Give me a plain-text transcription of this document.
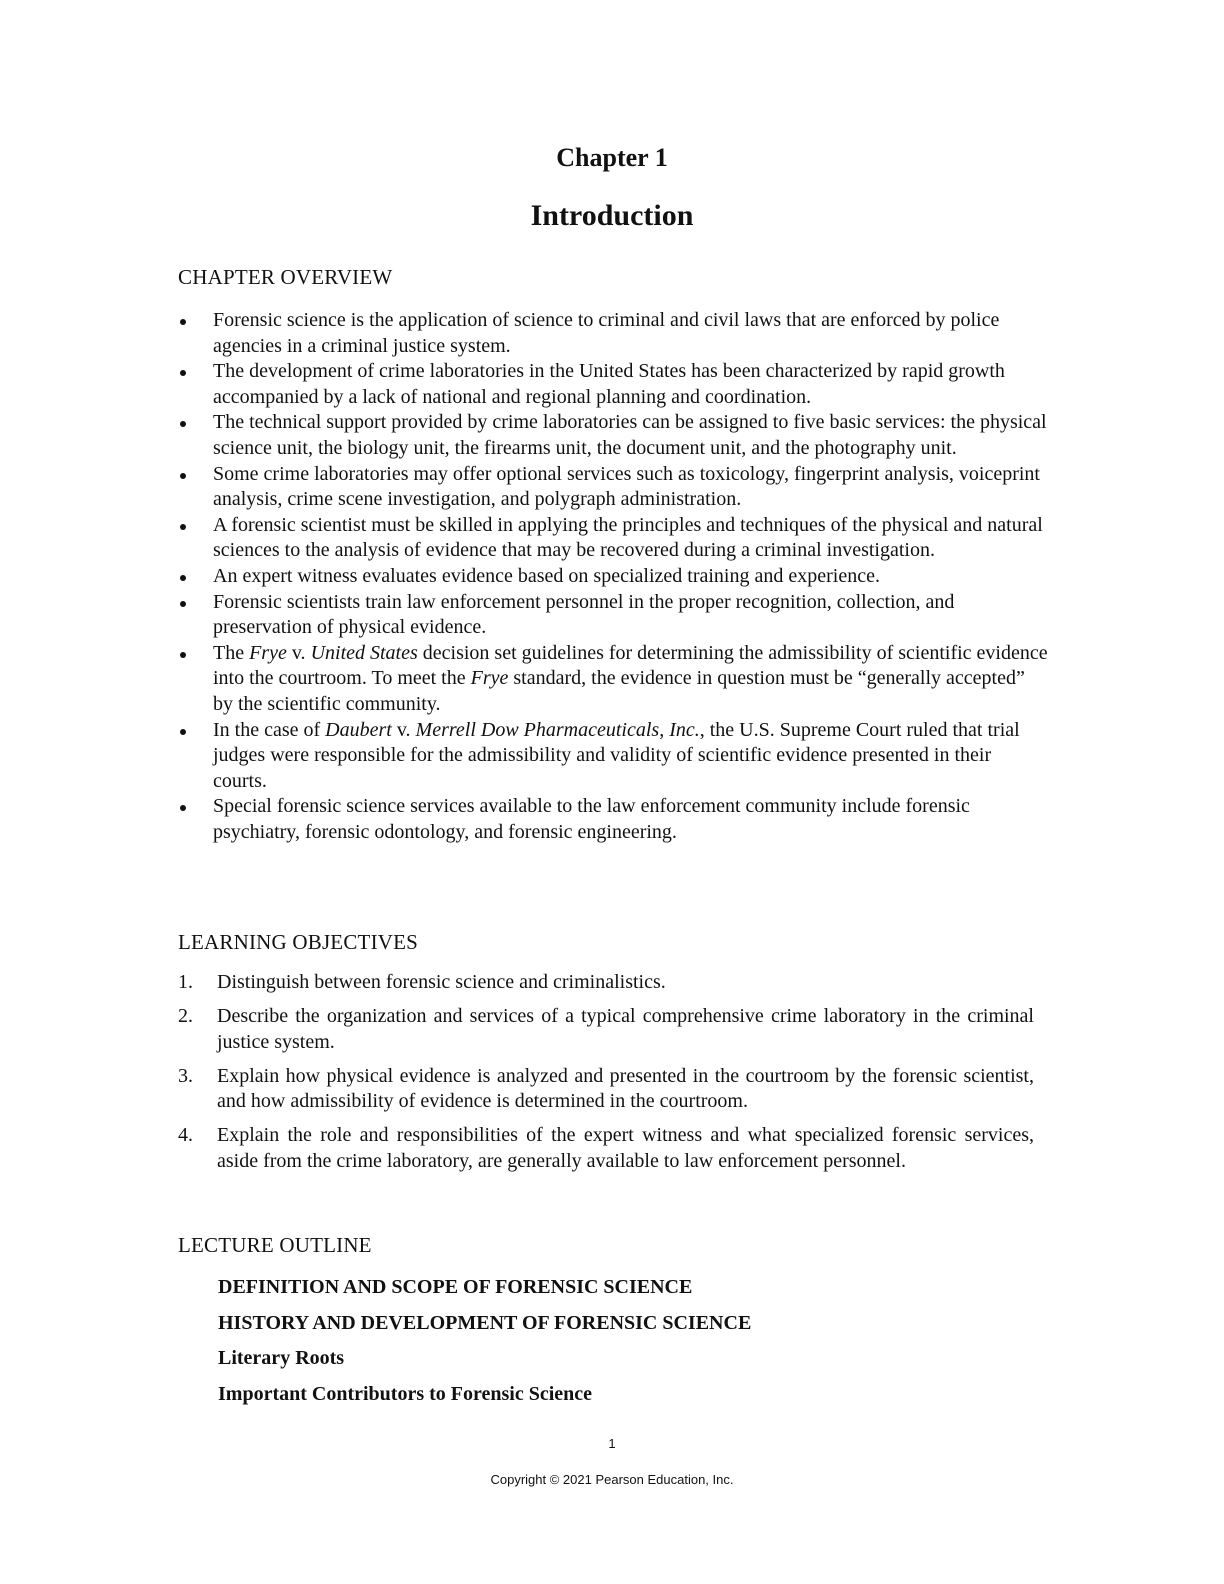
Chapter 1
Introduction
CHAPTER OVERVIEW
Forensic science is the application of science to criminal and civil laws that are enforced by police agencies in a criminal justice system.
The development of crime laboratories in the United States has been characterized by rapid growth accompanied by a lack of national and regional planning and coordination.
The technical support provided by crime laboratories can be assigned to five basic services: the physical science unit, the biology unit, the firearms unit, the document unit, and the photography unit.
Some crime laboratories may offer optional services such as toxicology, fingerprint analysis, voiceprint analysis, crime scene investigation, and polygraph administration.
A forensic scientist must be skilled in applying the principles and techniques of the physical and natural sciences to the analysis of evidence that may be recovered during a criminal investigation.
An expert witness evaluates evidence based on specialized training and experience.
Forensic scientists train law enforcement personnel in the proper recognition, collection, and preservation of physical evidence.
The Frye v. United States decision set guidelines for determining the admissibility of scientific evidence into the courtroom. To meet the Frye standard, the evidence in question must be “generally accepted” by the scientific community.
In the case of Daubert v. Merrell Dow Pharmaceuticals, Inc., the U.S. Supreme Court ruled that trial judges were responsible for the admissibility and validity of scientific evidence presented in their courts.
Special forensic science services available to the law enforcement community include forensic psychiatry, forensic odontology, and forensic engineering.
LEARNING OBJECTIVES
1. Distinguish between forensic science and criminalistics.
2. Describe the organization and services of a typical comprehensive crime laboratory in the criminal justice system.
3. Explain how physical evidence is analyzed and presented in the courtroom by the forensic scientist, and how admissibility of evidence is determined in the courtroom.
4. Explain the role and responsibilities of the expert witness and what specialized forensic services, aside from the crime laboratory, are generally available to law enforcement personnel.
LECTURE OUTLINE
DEFINITION AND SCOPE OF FORENSIC SCIENCE
HISTORY AND DEVELOPMENT OF FORENSIC SCIENCE
Literary Roots
Important Contributors to Forensic Science
1
Copyright © 2021 Pearson Education, Inc.
